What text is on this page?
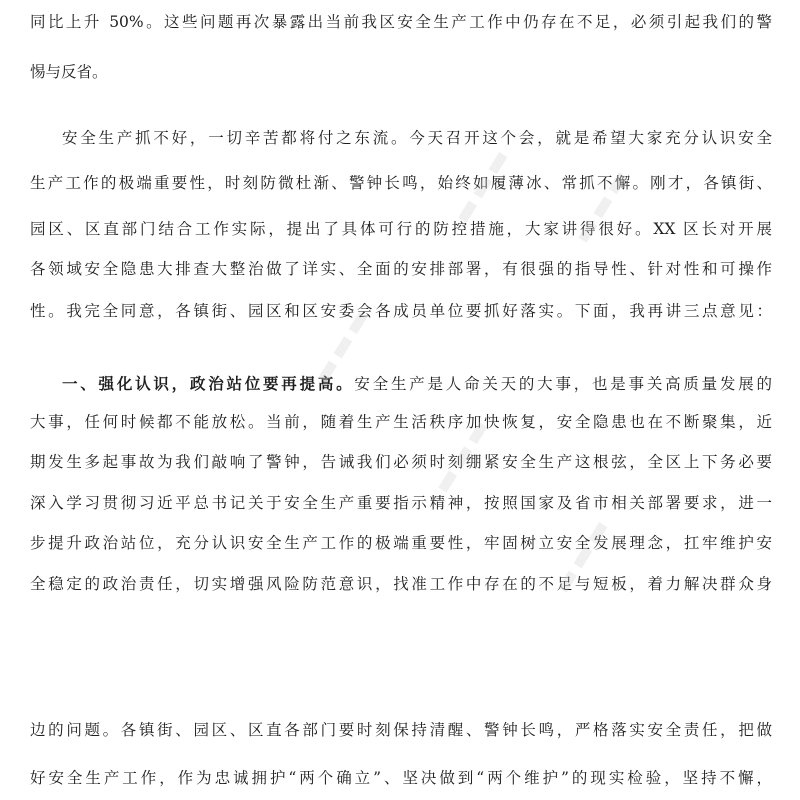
同比上升 50%。这些问题再次暴露出当前我区安全生产工作中仍存在不足，必须引起我们的警
惕与反省。
安全生产抓不好，一切辛苦都将付之东流。今天召开这个会，就是希望大家充分认识安全
生产工作的极端重要性，时刻防微杜渐、警钟长鸣，始终如履薄冰、常抓不懈。刚才，各镇街、
园区、区直部门结合工作实际，提出了具体可行的防控措施，大家讲得很好。XX 区长对开展
各领域安全隐患大排查大整治做了详实、全面的安排部署，有很强的指导性、针对性和可操作
性。我完全同意，各镇街、园区和区安委会各成员单位要抓好落实。下面，我再讲三点意见：
一、强化认识，政治站位要再提高。安全生产是人命关天的大事，也是事关高质量发展的
大事，任何时候都不能放松。当前，随着生产生活秩序加快恢复，安全隐患也在不断聚集，近
期发生多起事故为我们敲响了警钟，告诫我们必须时刻绷紧安全生产这根弦，全区上下务必要
深入学习贯彻习近平总书记关于安全生产重要指示精神，按照国家及省市相关部署要求，进一
步提升政治站位，充分认识安全生产工作的极端重要性，牢固树立安全发展理念，扛牢维护安
全稳定的政治责任，切实增强风险防范意识，找准工作中存在的不足与短板，着力解决群众身
边的问题。各镇街、园区、区直各部门要时刻保持清醒、警钟长鸣，严格落实安全责任，把做
好安全生产工作，作为忠诚拥护“两个确立”、坚决做到“两个维护”的现实检验，坚持不懈，
▬▬▬ ▬▬▬
▬▬▬
▬▬▬
▬▬▬
